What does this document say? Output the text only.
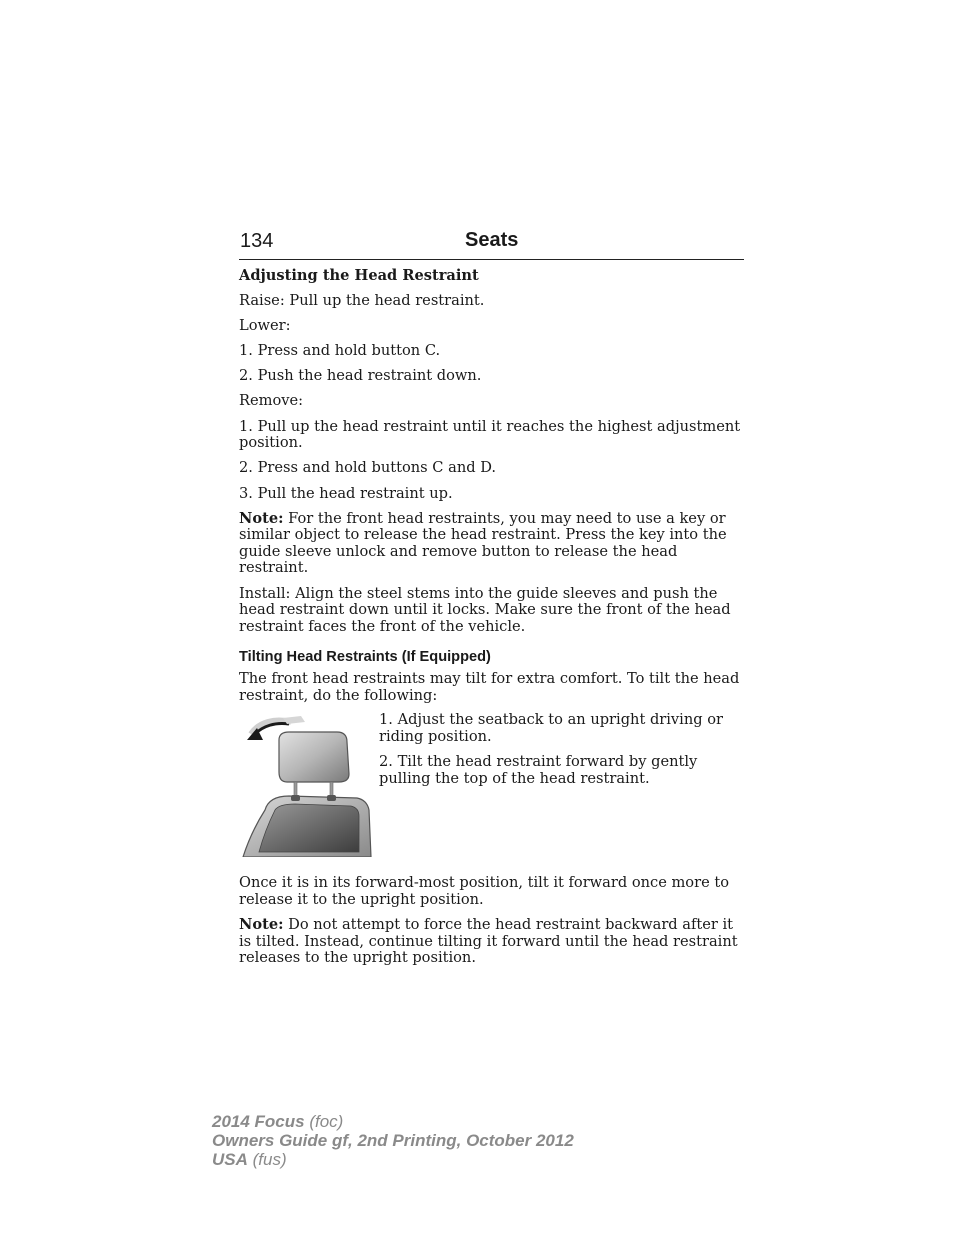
134	Seats
Adjusting the Head Restraint

Raise: Pull up the head restraint.

Lower:

1. Press and hold button C.

2. Push the head restraint down.

Remove:

1. Pull up the head restraint until it reaches the highest adjustment position.

2. Press and hold buttons C and D.

3. Pull the head restraint up.

Note: For the front head restraints, you may need to use a key or similar object to release the head restraint. Press the key into the guide sleeve unlock and remove button to release the head restraint.

Install: Align the steel stems into the guide sleeves and push the head restraint down until it locks. Make sure the front of the head restraint faces the front of the vehicle.

Tilting Head Restraints (If Equipped)

The front head restraints may tilt for extra comfort. To tilt the head restraint, do the following:

1. Adjust the seatback to an upright driving or riding position.

2. Tilt the head restraint forward by gently pulling the top of the head restraint.

Once it is in its forward-most position, tilt it forward once more to release it to the upright position.

Note: Do not attempt to force the head restraint backward after it is tilted. Instead, continue tilting it forward until the head restraint releases to the upright position.

2014 Focus (foc)
Owners Guide gf, 2nd Printing, October 2012
USA (fus)
